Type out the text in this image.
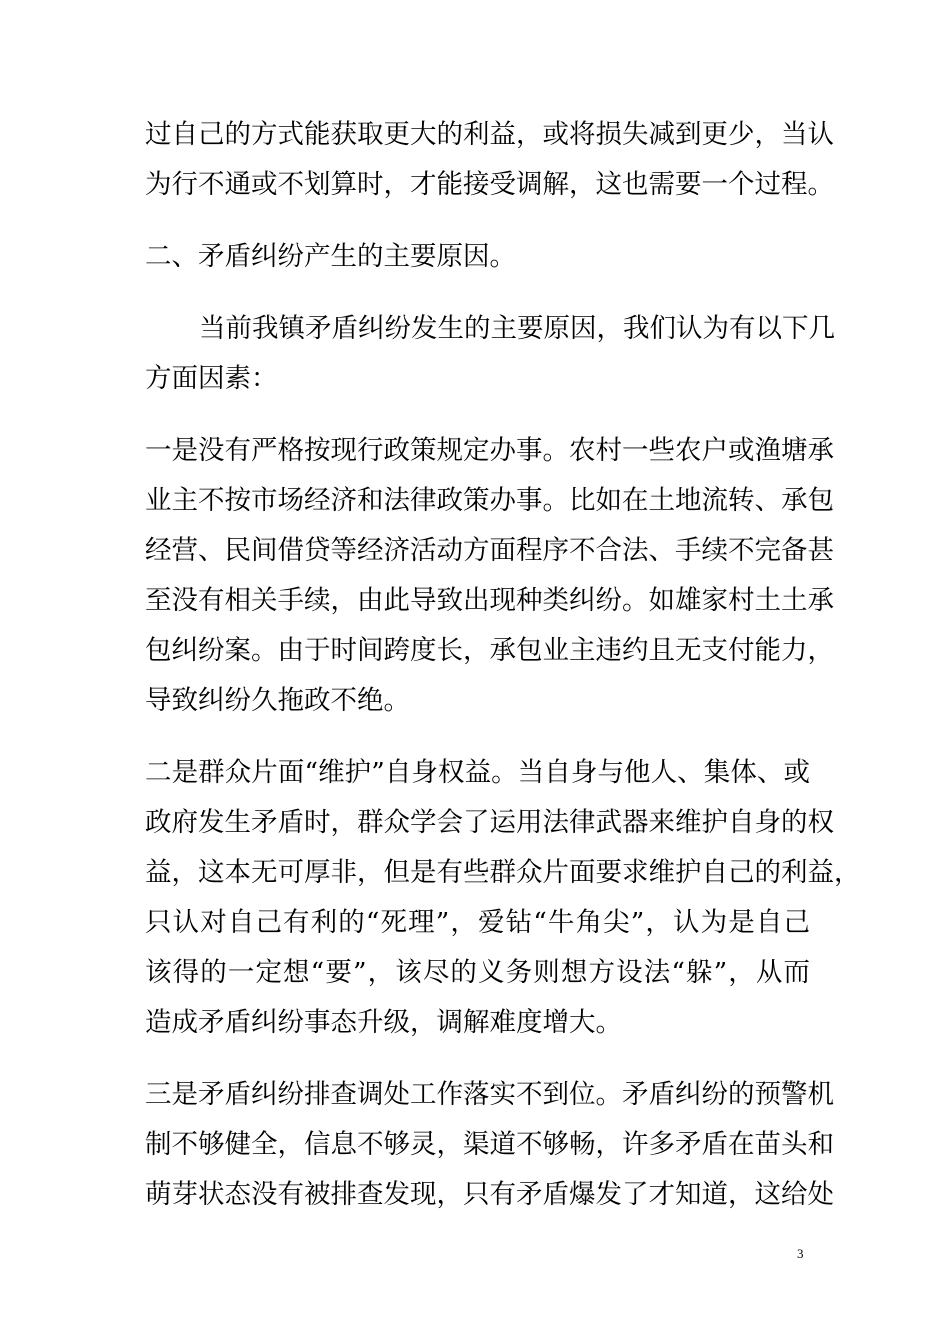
过自己的方式能获取更大的利益，或将损失减到更少，当认
为行不通或不划算时，才能接受调解，这也需要一个过程。
二、矛盾纠纷产生的主要原因。
当前我镇矛盾纠纷发生的主要原因，我们认为有以下几
方面因素：
一是没有严格按现行政策规定办事。农村一些农户或渔塘承
业主不按市场经济和法律政策办事。比如在土地流转、承包
经营、民间借贷等经济活动方面程序不合法、手续不完备甚
至没有相关手续，由此导致出现种类纠纷。如雄家村土土承
包纠纷案。由于时间跨度长，承包业主违约且无支付能力，
导致纠纷久拖政不绝。
二是群众片面“维护”自身权益。当自身与他人、集体、或
政府发生矛盾时，群众学会了运用法律武器来维护自身的权
益，这本无可厚非，但是有些群众片面要求维护自己的利益，
只认对自己有利的“死理”，爱钻“牛角尖”，认为是自己
该得的一定想“要”，该尽的义务则想方设法“躲”，从而
造成矛盾纠纷事态升级，调解难度增大。
三是矛盾纠纷排查调处工作落实不到位。矛盾纠纷的预警机
制不够健全，信息不够灵，渠道不够畅，许多矛盾在苗头和
萌芽状态没有被排查发现，只有矛盾爆发了才知道，这给处
3
